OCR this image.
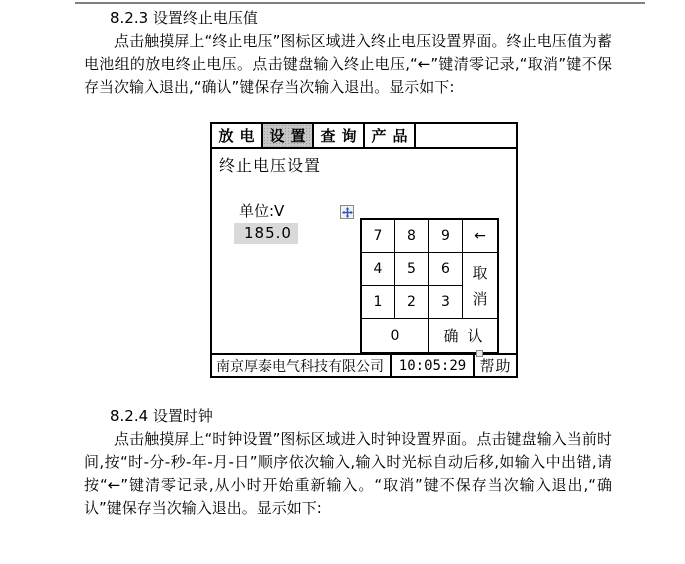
8.2.3 设置终止电压值
点击触摸屏上“终止电压”图标区域进入终止电压设置界面。终止电压值为蓄电池组的放电终止电压。点击键盘输入终止电压,“←”键清零记录,“取消”键不保存当次输入退出,“确认”键保存当次输入退出。显示如下:
放电 设置 查询 产品
终止电压设置
单位:V
185.0	7	8	9	←
4	5	6	取消
1	2	3
0	确认
南京厚泰电气科技有限公司	10:05:29 帮助
8.2.4 设置时钟
点击触摸屏上“时钟设置”图标区域进入时钟设置界面。点击键盘输入当前时间,按“时-分-秒-年-月-日”顺序依次输入,输入时光标自动后移,如输入中出错,请按“←”键清零记录,从小时开始重新输入。“取消”键不保存当次输入退出,“确认”键保存当次输入退出。显示如下:
